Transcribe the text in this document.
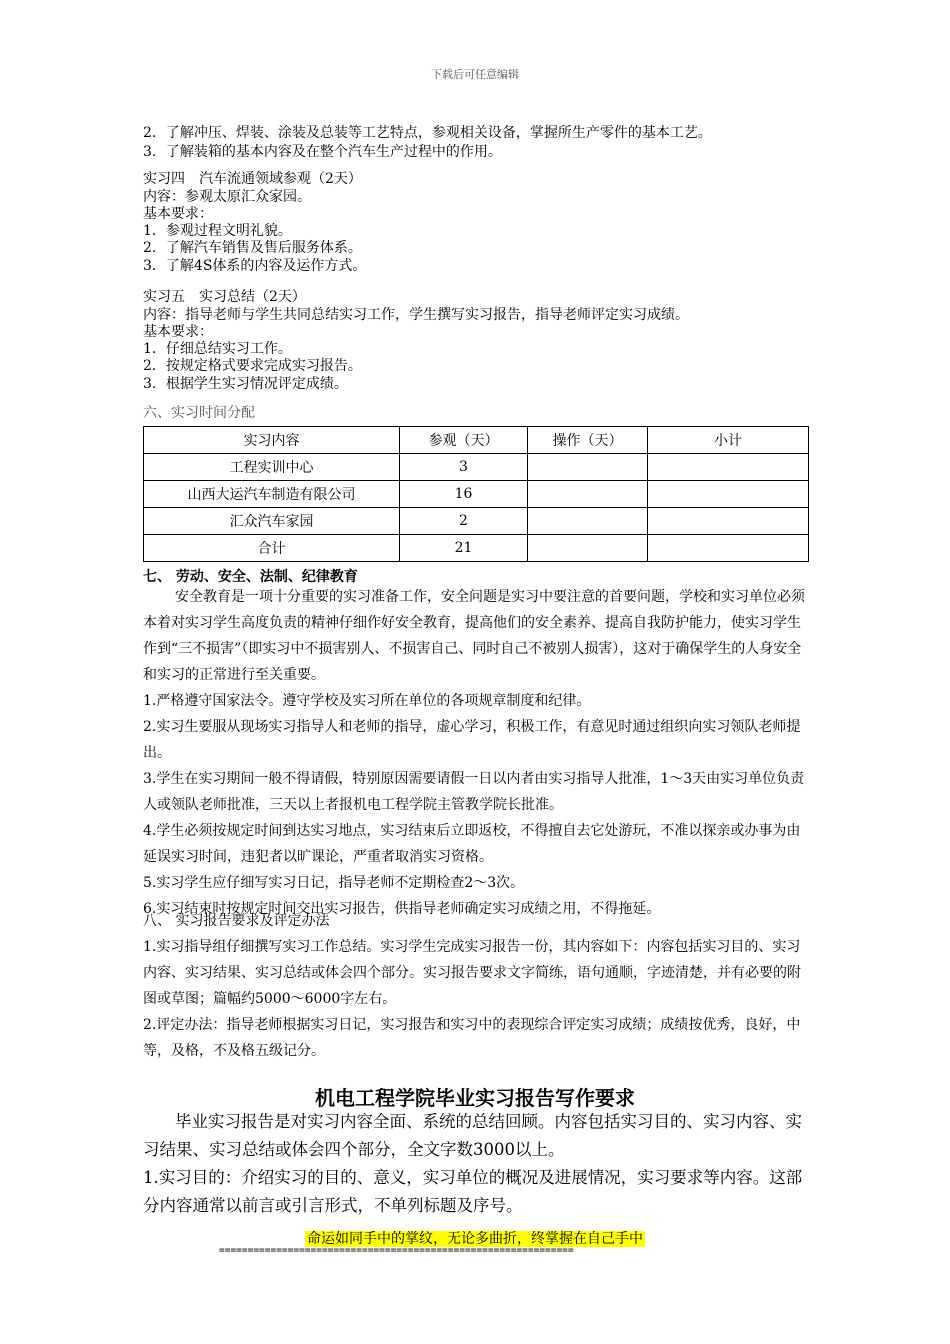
下载后可任意编辑

2．了解冲压、焊装、涂装及总装等工艺特点，参观相关设备，掌握所生产零件的基本工艺。

3．了解装箱的基本内容及在整个汽车生产过程中的作用。

实习四　汽车流通领域参观（2天）

内容：参观太原汇众家园。

基本要求：

1．参观过程文明礼貌。

2．了解汽车销售及售后服务体系。

3．了解4S体系的内容及运作方式。

实习五　实习总结（2天）

内容：指导老师与学生共同总结实习工作，学生撰写实习报告，指导老师评定实习成绩。

基本要求：

1．仔细总结实习工作。

2．按规定格式要求完成实习报告。

3．根据学生实习情况评定成绩。

六、实习时间分配
实习内容	参观（天）	操作（天）	小计
工程实训中心	3		
山西大运汽车制造有限公司	16		
汇众汽车家园	2		
合计	21		
七、 劳动、安全、法制、纪律教育

安全教育是一项十分重要的实习准备工作，安全问题是实习中要注意的首要问题，学校和实习单位必须本着对实习学生高度负责的精神仔细作好安全教育，提高他们的安全素养、提高自我防护能力，使实习学生作到“三不损害”（即实习中不损害别人、不损害自己、同时自己不被别人损害），这对于确保学生的人身安全和实习的正常进行至关重要。

1.严格遵守国家法令。遵守学校及实习所在单位的各项规章制度和纪律。

2.实习生要服从现场实习指导人和老师的指导，虚心学习，积极工作，有意见时通过组织向实习领队老师提出。

3.学生在实习期间一般不得请假，特别原因需要请假一日以内者由实习指导人批准，1～3天由实习单位负责人或领队老师批准，三天以上者报机电工程学院主管教学院长批准。

4.学生必须按规定时间到达实习地点，实习结束后立即返校，不得擅自去它处游玩，不准以探亲或办事为由延误实习时间，违犯者以旷课论，严重者取消实习资格。

5.实习学生应仔细写实习日记，指导老师不定期检查2～3次。

6.实习结束时按规定时间交出实习报告，供指导老师确定实习成绩之用，不得拖延。

八、 实习报告要求及评定办法

1.实习指导组仔细撰写实习工作总结。实习学生完成实习报告一份，其内容如下：内容包括实习目的、实习内容、实习结果、实习总结或体会四个部分。实习报告要求文字简练，语句通顺，字迹清楚，并有必要的附图或草图；篇幅约5000～6000字左右。

2.评定办法：指导老师根据实习日记，实习报告和实习中的表现综合评定实习成绩；成绩按优秀，良好，中等，及格，不及格五级记分。

机电工程学院毕业实习报告写作要求

毕业实习报告是对实习内容全面、系统的总结回顾。内容包括实习目的、实习内容、实习结果、实习总结或体会四个部分，全文字数3000以上。

1.实习目的：介绍实习的目的、意义，实习单位的概况及进展情况，实习要求等内容。这部分内容通常以前言或引言形式，不单列标题及序号。

命运如同手中的掌纹，无论多曲折，终掌握在自己手中
==============================================================
